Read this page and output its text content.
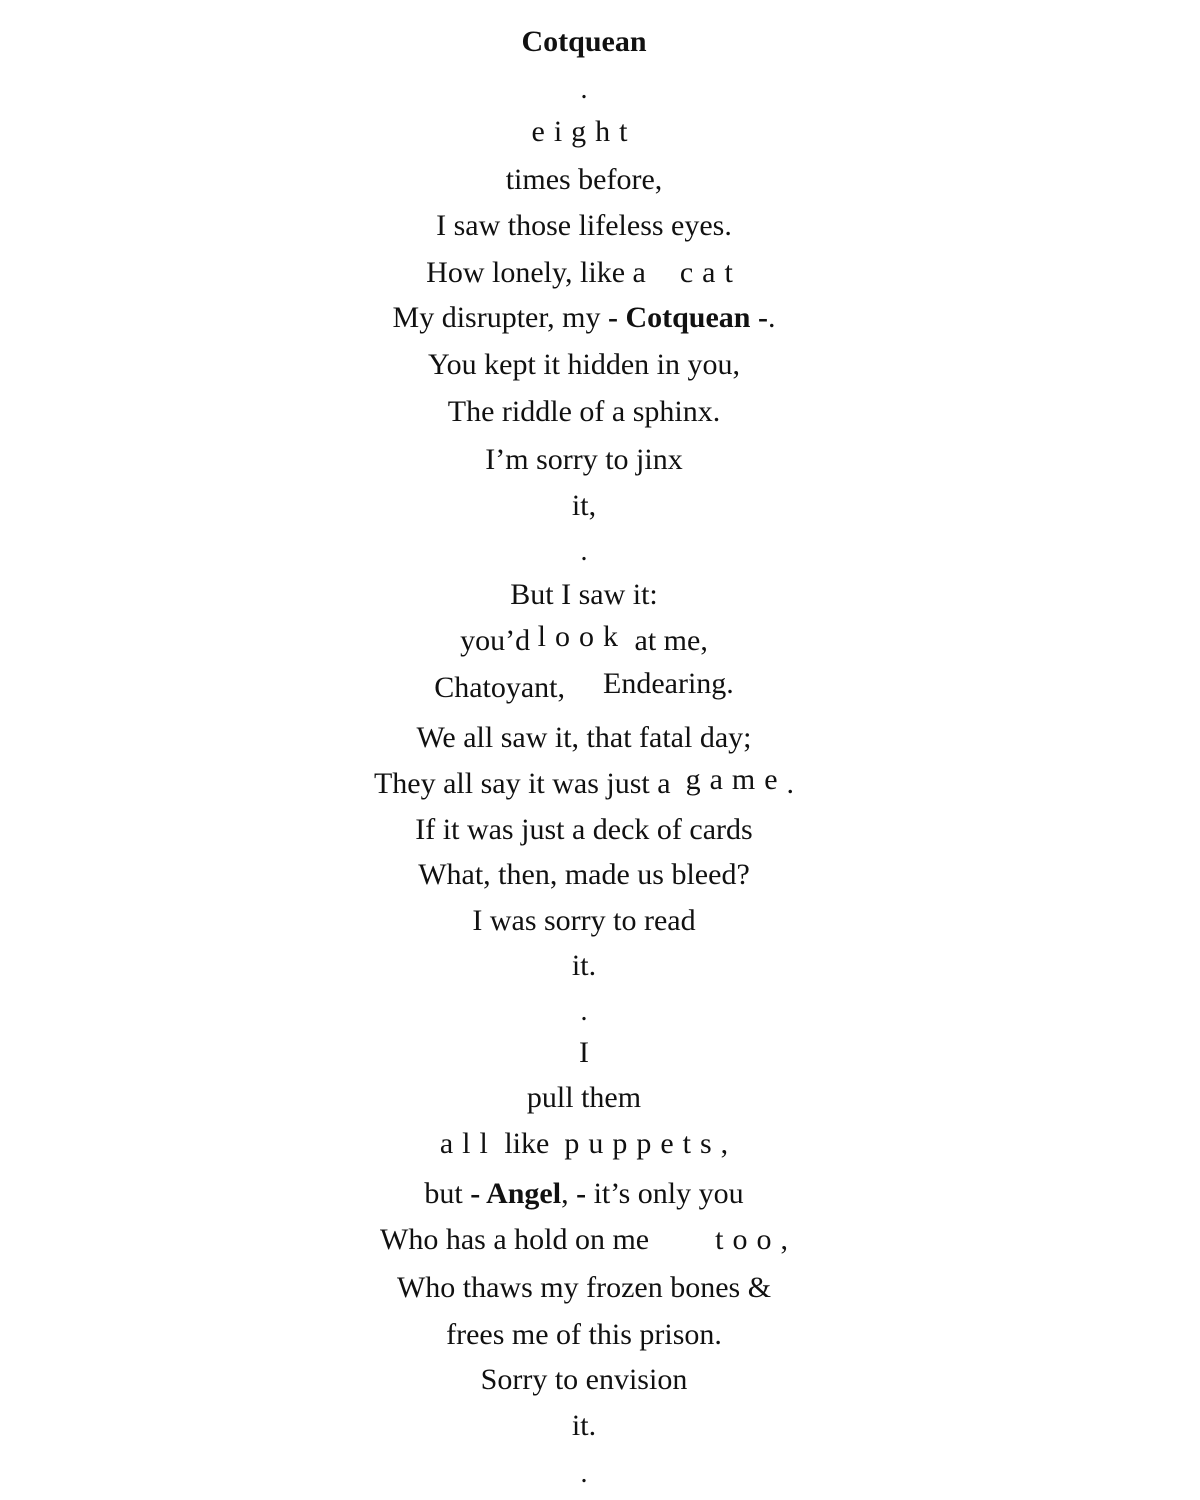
Cotquean
.
eight
times before,
I saw those lifeless eyes.
How lonely, like a cat
My disrupter, my - Cotquean -.
You kept it hidden in you,
The riddle of a sphinx.
I’m sorry to jinx
it,
.
But I saw it:
you’d look at me,
Chatoyant, Endearing.
We all saw it, that fatal day;
They all say it was just a game.
If it was just a deck of cards
What, then, made us bleed?
I was sorry to read
it.
.
I
pull them
all like puppets,
but - Angel, - it’s only you
Who has a hold on me too,
Who thaws my frozen bones &
frees me of this prison.
Sorry to envision
it.
.
